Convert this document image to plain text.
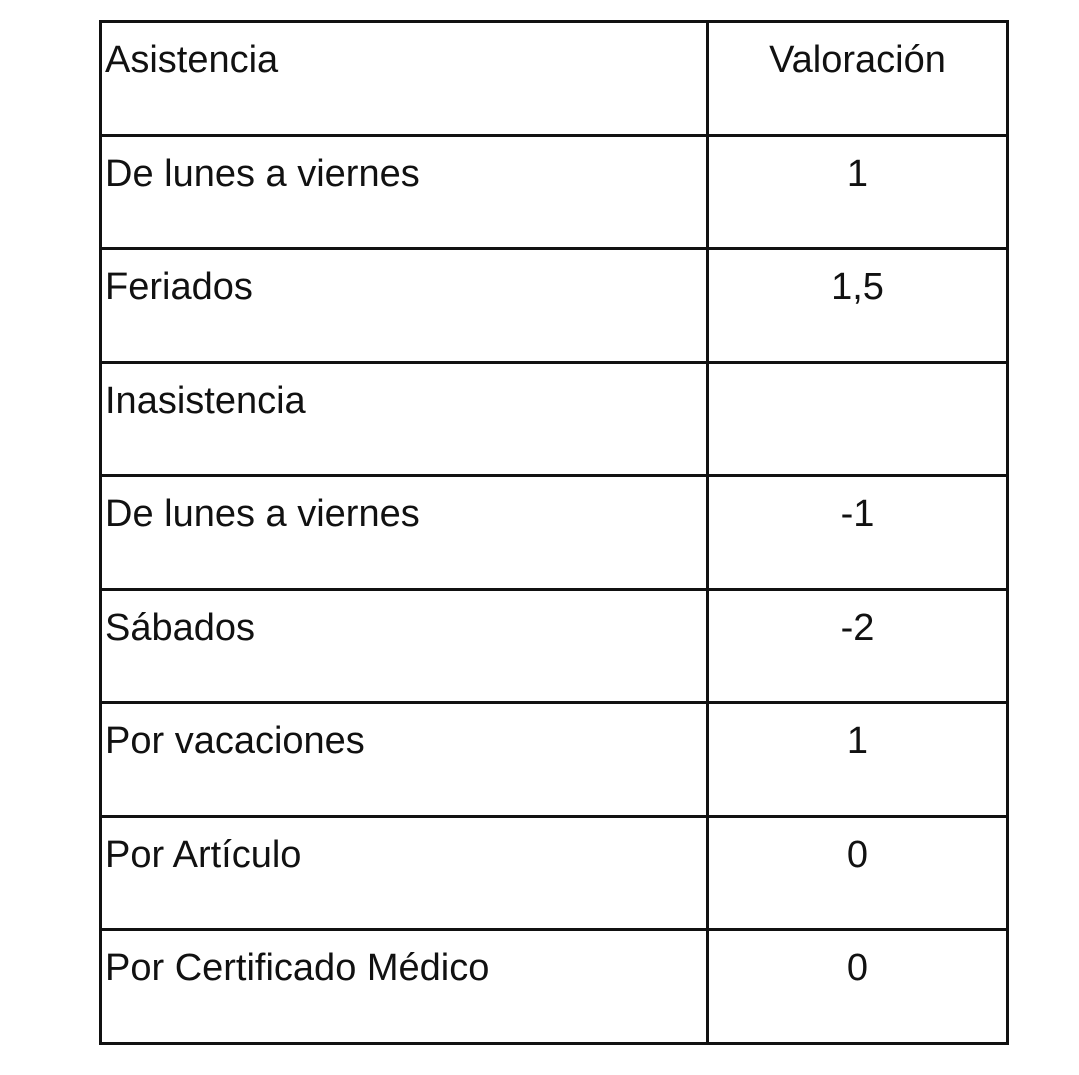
Asistencia	Valoración

De lunes a viernes	1

Feriados	1,5

Inasistencia	

De lunes a viernes	-1

Sábados	-2

Por vacaciones	1

Por Artículo	0

Por Certificado Médico	0
